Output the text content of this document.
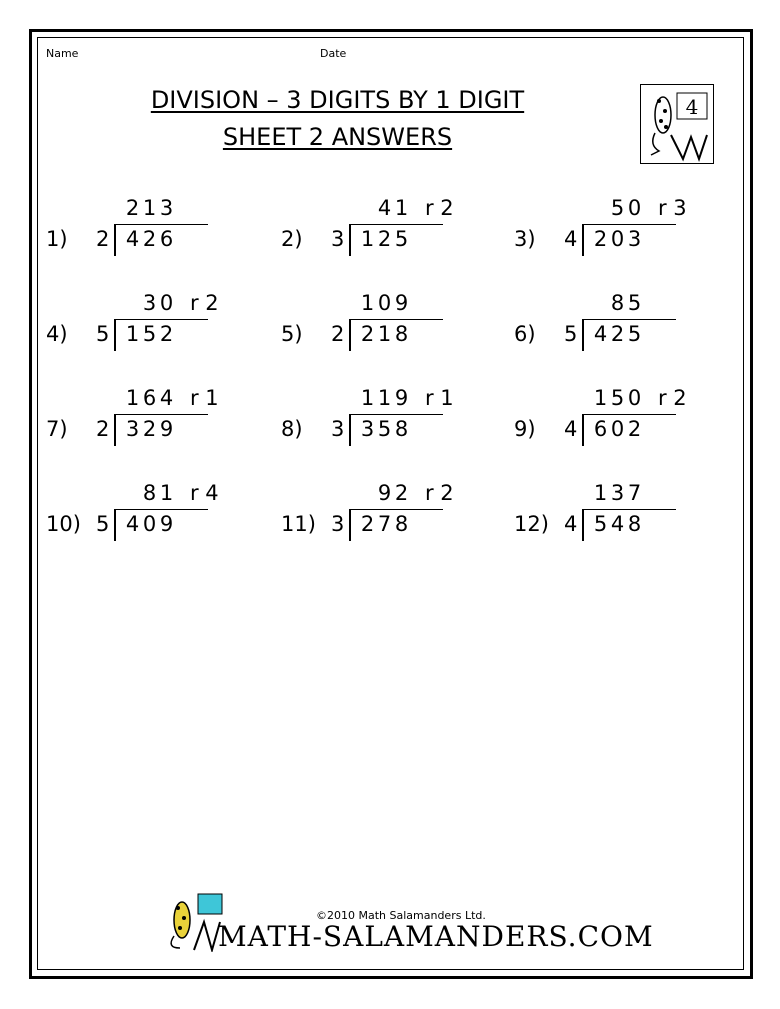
Name	Date
DIVISION – 3 DIGITS BY 1 DIGIT
SHEET 2 ANSWERS
4
2 1 3
1) 2 4 2 6
4 1 r 2
2) 3 1 2 5
5 0 r 3
3) 4 2 0 3
3 0 r 2
4) 5 1 5 2
1 0 9
5) 2 2 1 8
8 5
6) 5 4 2 5
1 6 4 r 1
7) 2 3 2 9
1 1 9 r 1
8) 3 3 5 8
1 5 0 r 2
9) 4 6 0 2
8 1 r 4
10) 5 4 0 9
9 2 r 2
11) 3 2 7 8
1 3 7
12) 4 5 4 8
©2010 Math Salamanders Ltd.
MATH-SALAMANDERS.COM
